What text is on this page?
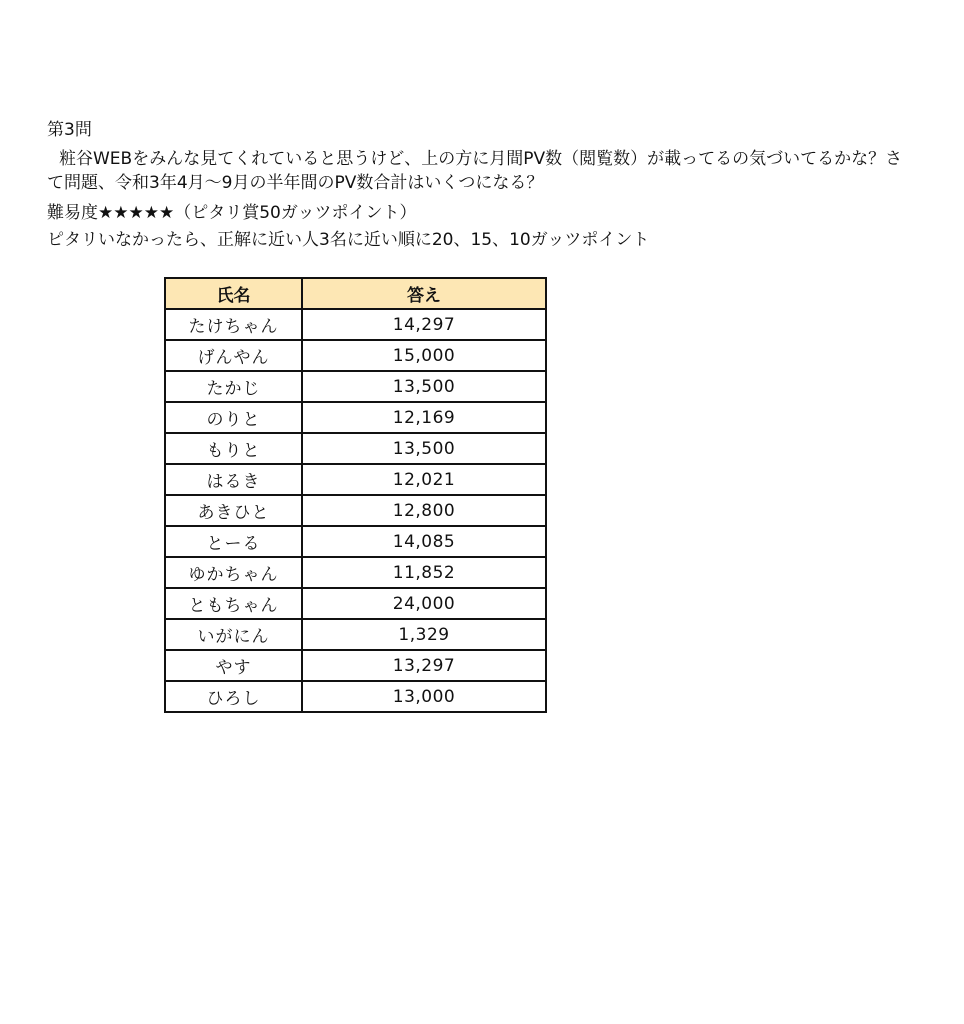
第3問
粧谷WEBをみんな見てくれていると思うけど、上の方に月間PV数（閲覧数）が載ってるの気づいてるかな？さて問題、令和3年4月～9月の半年間のPV数合計はいくつになる？
難易度★★★★★（ピタリ賞50ガッツポイント）
ピタリいなかったら、正解に近い人3名に近い順に20、15、10ガッツポイント
氏名	答え
たけちゃん	14,297
げんやん	15,000
たかじ	13,500
のりと	12,169
もりと	13,500
はるき	12,021
あきひと	12,800
とーる	14,085
ゆかちゃん	11,852
ともちゃん	24,000
いがにん	1,329
やす	13,297
ひろし	13,000
